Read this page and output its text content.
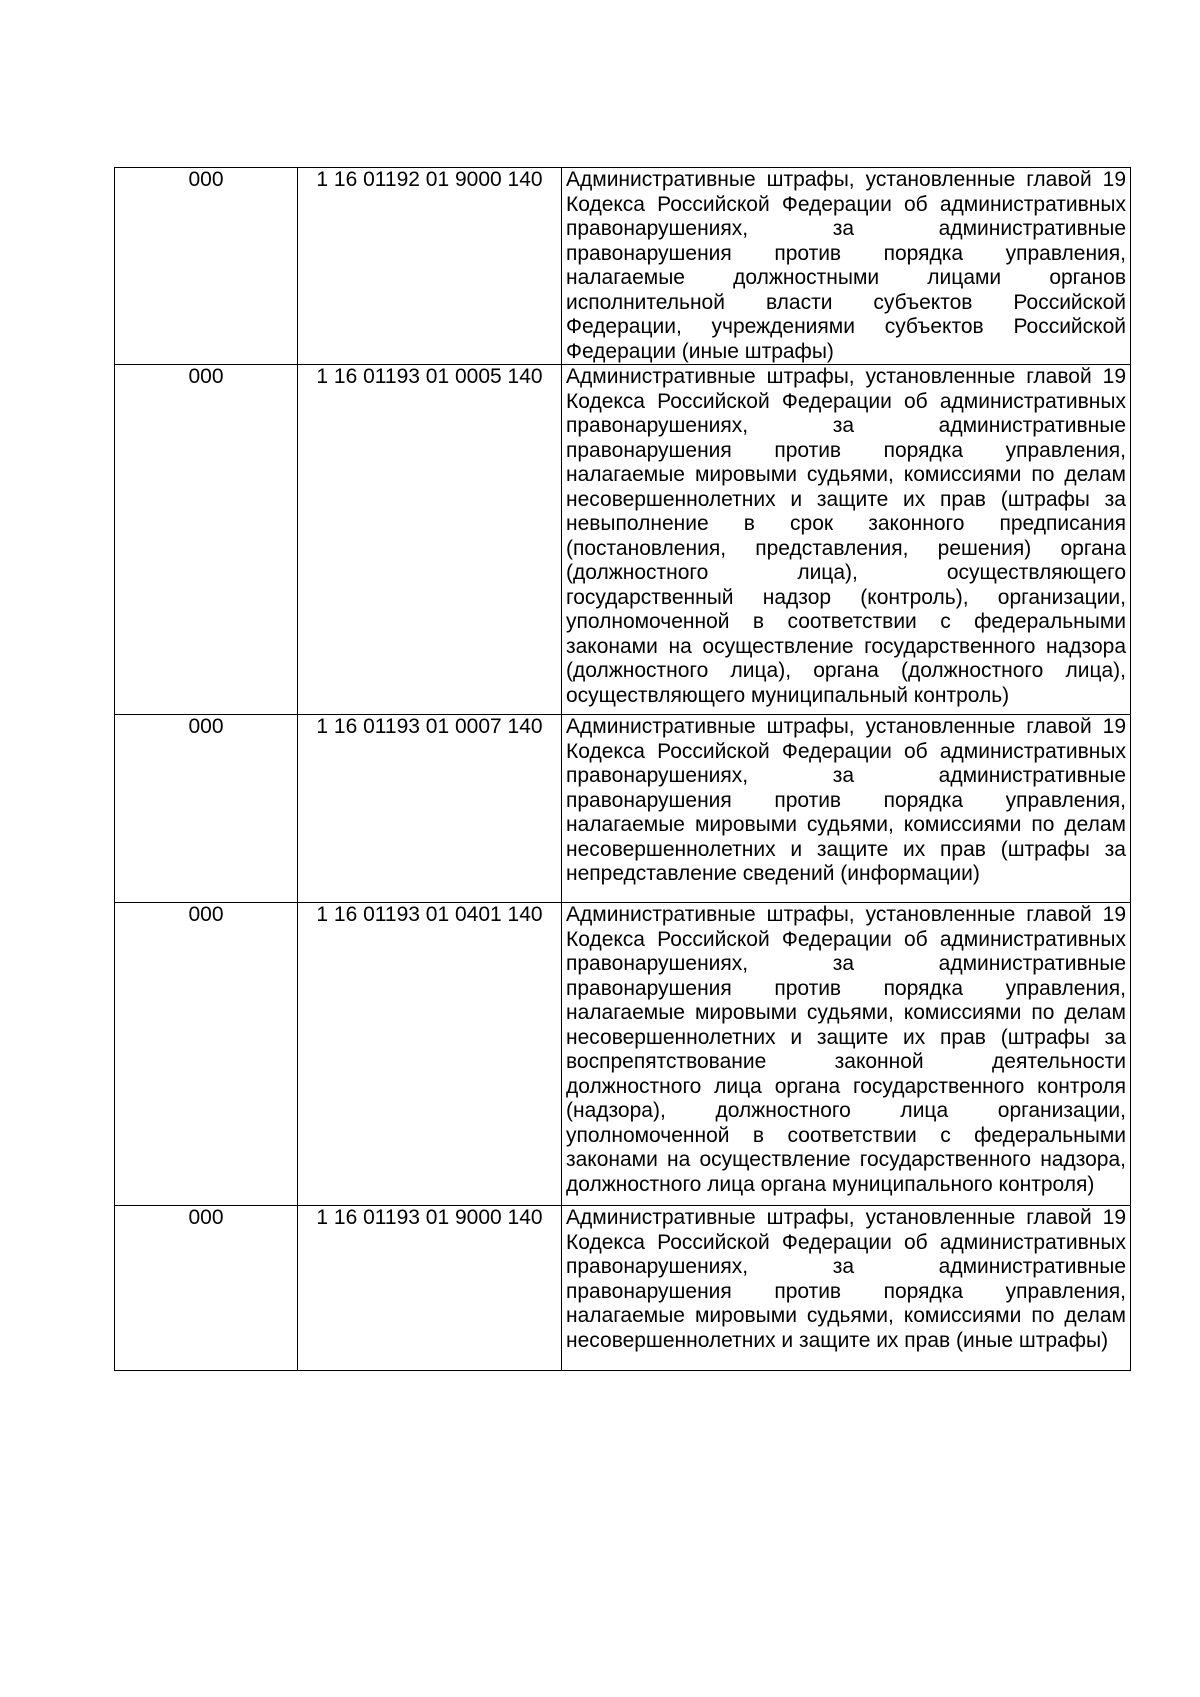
000	1 16 01192 01 9000 140	Административные штрафы, установленные главой 19 Кодекса Российской Федерации об административных правонарушениях, за административные правонарушения против порядка управления, налагаемые должностными лицами органов исполнительной власти субъектов Российской Федерации, учреждениями субъектов Российской Федерации (иные штрафы)
000	1 16 01193 01 0005 140	Административные штрафы, установленные главой 19 Кодекса Российской Федерации об административных правонарушениях, за административные правонарушения против порядка управления, налагаемые мировыми судьями, комиссиями по делам несовершеннолетних и защите их прав (штрафы за невыполнение в срок законного предписания (постановления, представления, решения) органа (должностного лица), осуществляющего государственный надзор (контроль), организации, уполномоченной в соответствии с федеральными законами на осуществление государственного надзора (должностного лица), органа (должностного лица), осуществляющего муниципальный контроль)
000	1 16 01193 01 0007 140	Административные штрафы, установленные главой 19 Кодекса Российской Федерации об административных правонарушениях, за административные правонарушения против порядка управления, налагаемые мировыми судьями, комиссиями по делам несовершеннолетних и защите их прав (штрафы за непредставление сведений (информации)
000	1 16 01193 01 0401 140	Административные штрафы, установленные главой 19 Кодекса Российской Федерации об административных правонарушениях, за административные правонарушения против порядка управления, налагаемые мировыми судьями, комиссиями по делам несовершеннолетних и защите их прав (штрафы за воспрепятствование законной деятельности должностного лица органа государственного контроля (надзора), должностного лица организации, уполномоченной в соответствии с федеральными законами на осуществление государственного надзора, должностного лица органа муниципального контроля)
000	1 16 01193 01 9000 140	Административные штрафы, установленные главой 19 Кодекса Российской Федерации об административных правонарушениях, за административные правонарушения против порядка управления, налагаемые мировыми судьями, комиссиями по делам несовершеннолетних и защите их прав (иные штрафы)
